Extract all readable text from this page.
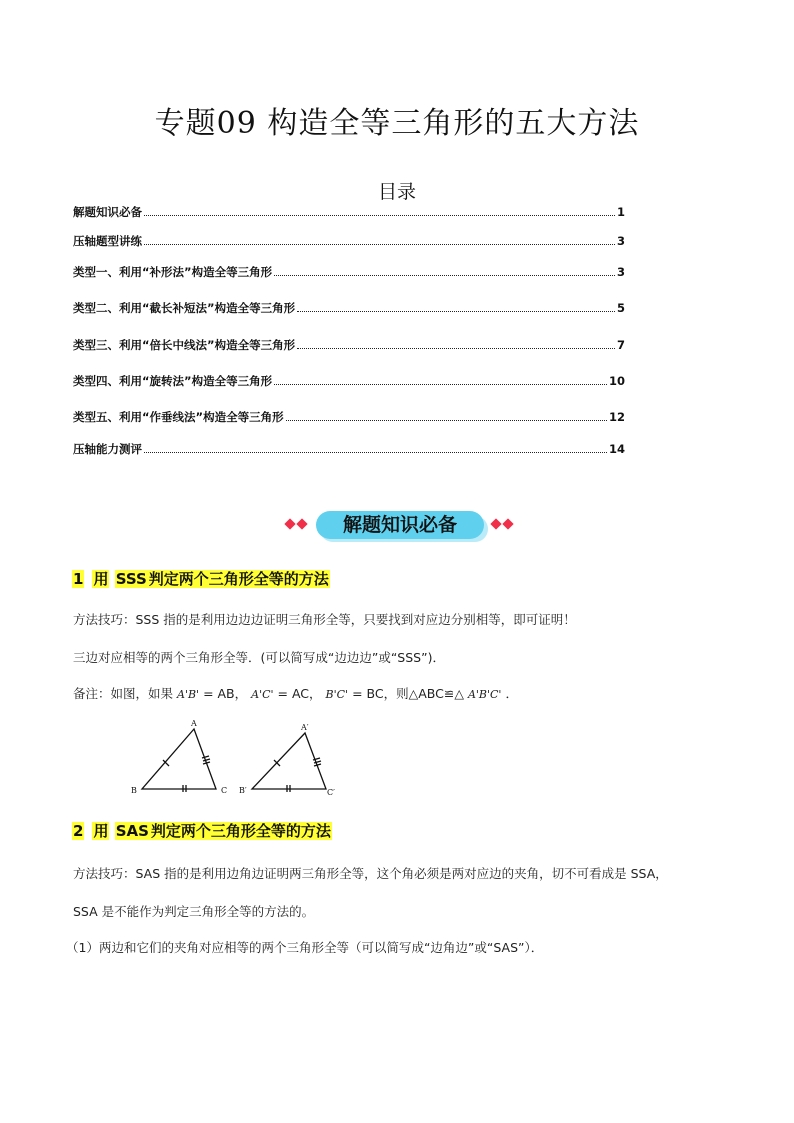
专题09 构造全等三角形的五大方法
目录
解题知识必备	1
压轴题型讲练	3
类型一、利用“补形法”构造全等三角形	3
类型二、利用“截长补短法”构造全等三角形	5
类型三、利用“倍长中线法”构造全等三角形	7
类型四、利用“旋转法”构造全等三角形	10
类型五、利用“作垂线法”构造全等三角形	12
压轴能力测评	14
解题知识必备
1 用 SSS 判定两个三角形全等的方法
方法技巧：SSS 指的是利用边边边证明三角形全等，只要找到对应边分别相等，即可证明！
三边对应相等的两个三角形全等．(可以简写成“边边边”或“SSS”)．
备注：如图，如果 A'B' = AB， A'C' = AC， B'C' = BC，则△ABC≌△ A'B'C' ．
A
B	C
A′
B′	C′
2 用 SAS 判定两个三角形全等的方法
方法技巧：SAS 指的是利用边角边证明两三角形全等，这个角必须是两对应边的夹角，切不可看成是 SSA，
SSA 是不能作为判定三角形全等的方法的。
（1）两边和它们的夹角对应相等的两个三角形全等（可以简写成“边角边”或“SAS”）．
